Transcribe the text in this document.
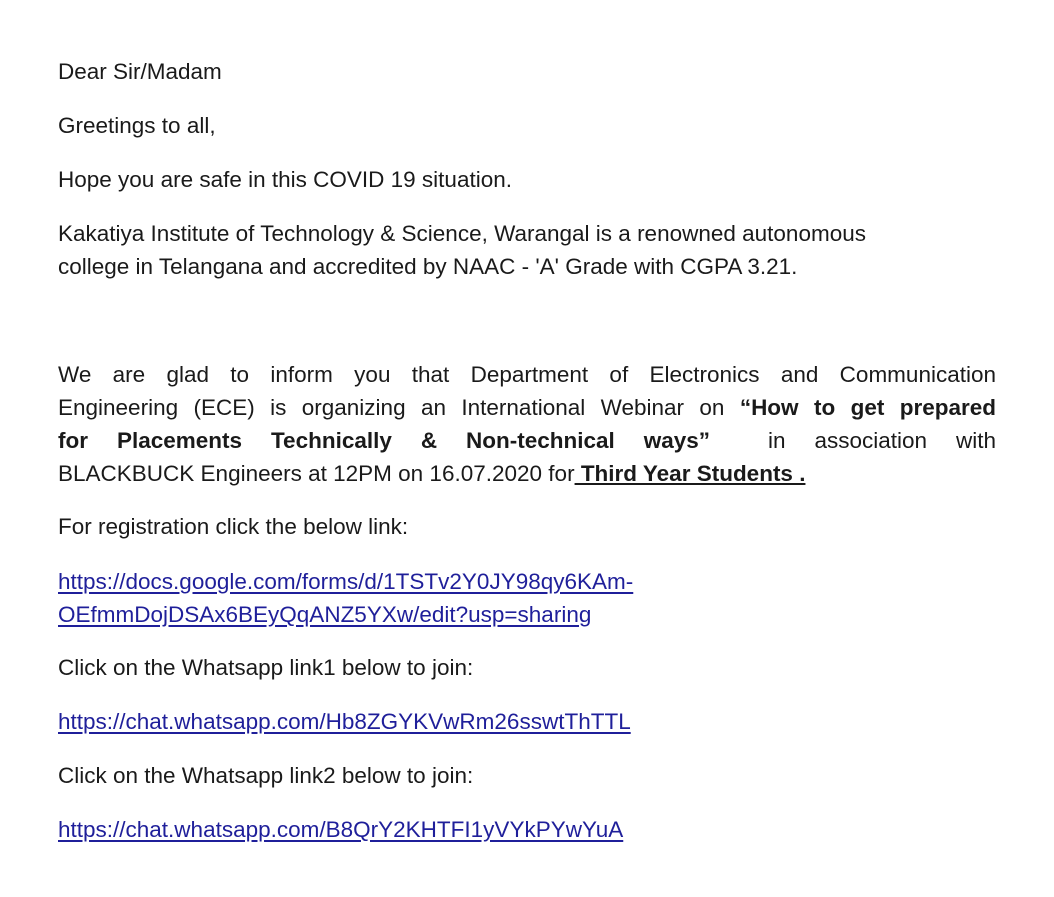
Dear Sir/Madam

Greetings to all,

Hope you are safe in this COVID 19 situation.

Kakatiya Institute of Technology & Science, Warangal is a renowned autonomous
college in Telangana and accredited by NAAC - 'A' Grade with CGPA 3.21.
We are glad to inform you that Department of Electronics and Communication
Engineering (ECE) is organizing an International Webinar on “How to get prepared
for Placements Technically & Non-technical ways”  in association with
BLACKBUCK Engineers at 12PM on 16.07.2020 for Third Year Students .

For registration click the below link:

https://docs.google.com/forms/d/1TSTv2Y0JY98qy6KAm-
OEfmmDojDSAx6BEyQqANZ5YXw/edit?usp=sharing

Click on the Whatsapp link1 below to join:

https://chat.whatsapp.com/Hb8ZGYKVwRm26sswtThTTL

Click on the Whatsapp link2 below to join:

https://chat.whatsapp.com/B8QrY2KHTFI1yVYkPYwYuA
